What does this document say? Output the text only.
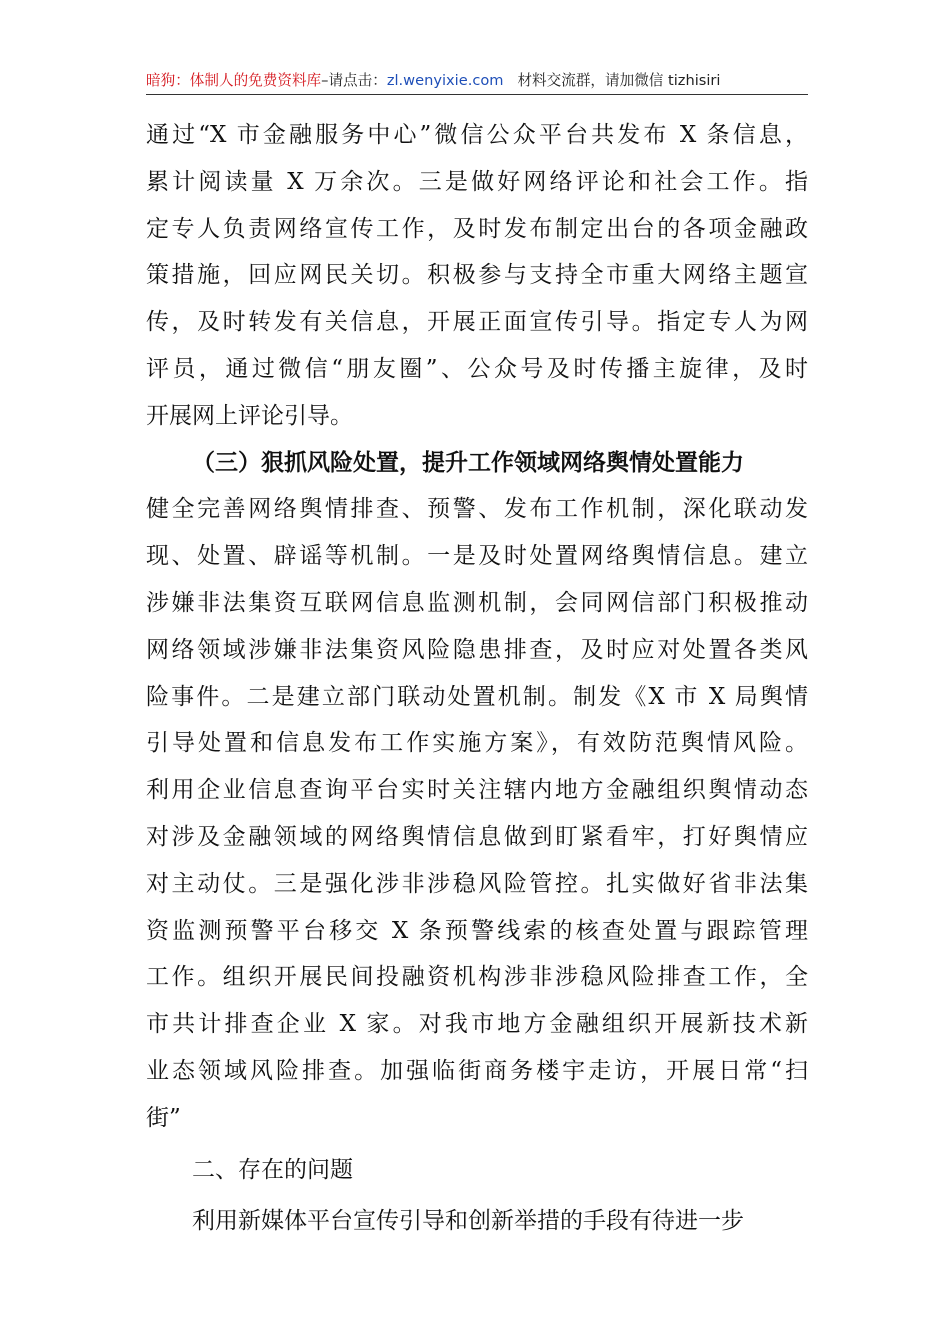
暗狗：体制人的免费资料库–请点击：zl.wenyixie.com 材料交流群，请加微信 tizhisiri
通过“X 市金融服务中心”微信公众平台共发布 X 条信息，
累计阅读量 X 万余次。三是做好网络评论和社会工作。指
定专人负责网络宣传工作，及时发布制定出台的各项金融政
策措施，回应网民关切。积极参与支持全市重大网络主题宣
传，及时转发有关信息，开展正面宣传引导。指定专人为网
评员，通过微信“朋友圈”、公众号及时传播主旋律，及时
开展网上评论引导。
（三）狠抓风险处置，提升工作领域网络舆情处置能力
健全完善网络舆情排查、预警、发布工作机制，深化联动发
现、处置、辟谣等机制。一是及时处置网络舆情信息。建立
涉嫌非法集资互联网信息监测机制，会同网信部门积极推动
网络领域涉嫌非法集资风险隐患排查，及时应对处置各类风
险事件。二是建立部门联动处置机制。制发《X 市 X 局舆情
引导处置和信息发布工作实施方案》，有效防范舆情风险。
利用企业信息查询平台实时关注辖内地方金融组织舆情动态
对涉及金融领域的网络舆情信息做到盯紧看牢，打好舆情应
对主动仗。三是强化涉非涉稳风险管控。扎实做好省非法集
资监测预警平台移交 X 条预警线索的核查处置与跟踪管理
工作。组织开展民间投融资机构涉非涉稳风险排查工作，全
市共计排查企业 X 家。对我市地方金融组织开展新技术新
业态领域风险排查。加强临街商务楼宇走访，开展日常“扫
街”
二、存在的问题
利用新媒体平台宣传引导和创新举措的手段有待进一步
